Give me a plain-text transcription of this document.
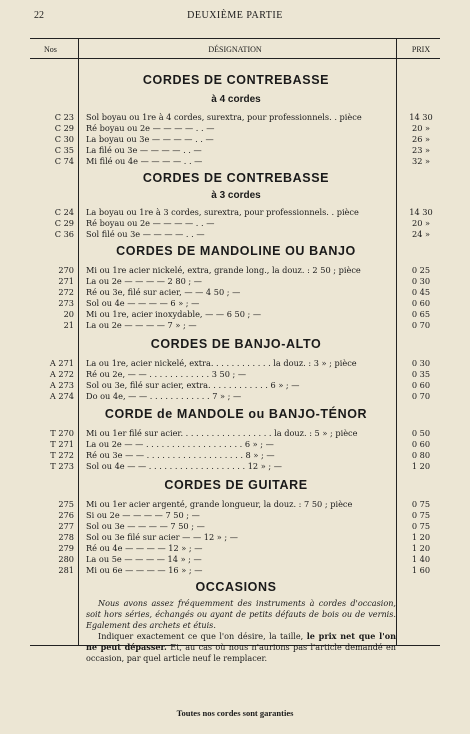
22	DEUXIÈME PARTIE
Nos	DÉSIGNATION	PRIX
CORDES DE CONTREBASSE
à 4 cordes
C 23 Sol boyau ou 1re à 4 cordes, surextra, pour professionnels. . pièce	14 30
C 29 Ré boyau ou 2e — — — — . . —	20 »
C 30 La boyau ou 3e — — — — . . —	26 »
C 35 La filé ou 3e — — — — . . —	23 »
C 74 Mi filé ou 4e — — — — . . —	32 »
CORDES DE CONTREBASSE
à 3 cordes
C 24 La boyau ou 1re à 3 cordes, surextra, pour professionnels. . pièce	14 30
C 29 Ré boyau ou 2e — — — — . . —	20 »
C 36 Sol filé ou 3e — — — — . . —	24 »
CORDES DE MANDOLINE OU BANJO
270 Mi ou 1re acier nickelé, extra, grande long., la douz. : 2 50 ; pièce	0 25
271 La ou 2e — — — — 2 80 ; —	0 30
272 Ré ou 3e, filé sur acier, — — 4 50 ; —	0 45
273 Sol ou 4e — — — — 6 » ; —	0 60
20 Mi ou 1re, acier inoxydable, — — 6 50 ; —	0 65
21 La ou 2e — — — — 7 » ; —	0 70
CORDES DE BANJO-ALTO
A 271 La ou 1re, acier nickelé, extra. . . . . . . . . . . . la douz. : 3 » ; pièce	0 30
A 272 Ré ou 2e, — — . . . . . . . . . . . . 3 50 ; —	0 35
A 273 Sol ou 3e, filé sur acier, extra. . . . . . . . . . . . 6 » ; —	0 60
A 274 Do ou 4e, — — . . . . . . . . . . . . 7 » ; —	0 70
CORDE de MANDOLE ou BANJO-TÉNOR
T 270 Mi ou 1er filé sur acier. . . . . . . . . . . . . . . . . . la douz. : 5 » ; pièce	0 50
T 271 La ou 2e — — . . . . . . . . . . . . . . . . . . . 6 » ; —	0 60
T 272 Ré ou 3e — — . . . . . . . . . . . . . . . . . . . 8 » ; —	0 80
T 273 Sol ou 4e — — . . . . . . . . . . . . . . . . . . . 12 » ; —	1 20
CORDES DE GUITARE
275 Mi ou 1er acier argenté, grande longueur, la douz. : 7 50 ; pièce	0 75
276 Si ou 2e — — — — 7 50 ; —	0 75
277 Sol ou 3e — — — — 7 50 ; —	0 75
278 Sol ou 3e filé sur acier — — 12 » ; —	1 20
279 Ré ou 4e — — — — 12 » ; —	1 20
280 La ou 5e — — — — 14 » ; —	1 40
281 Mi ou 6e — — — — 16 » ; —	1 60
OCCASIONS
Nous avons assez fréquemment des instruments à cordes d'occasion, soit hors séries, échangés ou ayant de petits défauts de bois ou de vernis. Egalement des archets et étuis.
Indiquer exactement ce que l'on désire, la taille, le prix net que l'on ne peut dépasser. Et, au cas où nous n'aurions pas l'article demandé en occasion, par quel article neuf le remplacer.
Toutes nos cordes sont garanties
